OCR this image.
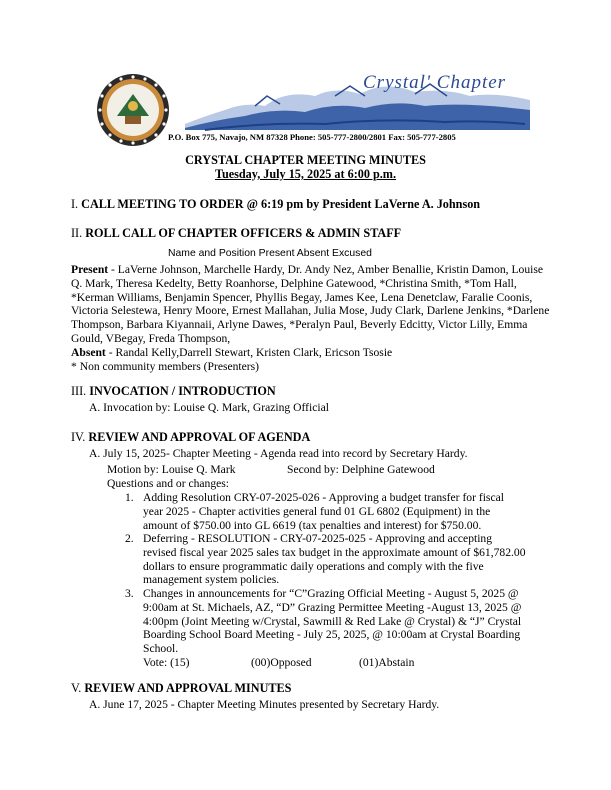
Crystal' Chapter
P.O. Box 775, Navajo, NM 87328 Phone: 505-777-2800/2801 Fax: 505-777-2805
CRYSTAL CHAPTER MEETING MINUTES
Tuesday, July 15, 2025 at 6:00 p.m.
I. CALL MEETING TO ORDER @ 6:19 pm by President LaVerne A. Johnson
II. ROLL CALL OF CHAPTER OFFICERS & ADMIN STAFF
Name and Position Present Absent Excused
Present - LaVerne Johnson, Marchelle Hardy, Dr. Andy Nez, Amber Benallie, Kristin Damon, Louise Q. Mark, Theresa Kedelty, Betty Roanhorse, Delphine Gatewood, *Christina Smith, *Tom Hall, *Kerman Williams, Benjamin Spencer, Phyllis Begay, James Kee, Lena Denetclaw, Faralie Coonis, Victoria Selestewa, Henry Moore, Ernest Mallahan, Julia Mose, Judy Clark, Darlene Jenkins, *Darlene Thompson, Barbara Kiyannaii, Arlyne Dawes, *Peralyn Paul, Beverly Edcitty, Victor Lilly, Emma Gould, VBegay, Freda Thompson,
Absent - Randal Kelly,Darrell Stewart, Kristen Clark, Ericson Tsosie
* Non community members (Presenters)
III. INVOCATION / INTRODUCTION
A. Invocation by: Louise Q. Mark, Grazing Official
IV. REVIEW AND APPROVAL OF AGENDA
A. July 15, 2025- Chapter Meeting - Agenda read into record by Secretary Hardy.
Motion by: Louise Q. Mark	Second by: Delphine Gatewood
Questions and or changes:
1. Adding Resolution CRY-07-2025-026 - Approving a budget transfer for fiscal
year 2025 - Chapter activities general fund 01 GL 6802 (Equipment) in the
amount of $750.00 into GL 6619 (tax penalties and interest) for $750.00.
2. Deferring - RESOLUTION - CRY-07-2025-025 - Approving and accepting
revised fiscal year 2025 sales tax budget in the approximate amount of $61,782.00
dollars to ensure programmatic daily operations and comply with the five
management system policies.
3. Changes in announcements for “C”Grazing Official Meeting - August 5, 2025 @
9:00am at St. Michaels, AZ, “D” Grazing Permittee Meeting -August 13, 2025 @
4:00pm (Joint Meeting w/Crystal, Sawmill & Red Lake @ Crystal) & “J” Crystal
Boarding School Board Meeting - July 25, 2025, @ 10:00am at Crystal Boarding
School.
Vote: (15)	(00)Opposed	(01)Abstain
V. REVIEW AND APPROVAL MINUTES
A. June 17, 2025 - Chapter Meeting Minutes presented by Secretary Hardy.
